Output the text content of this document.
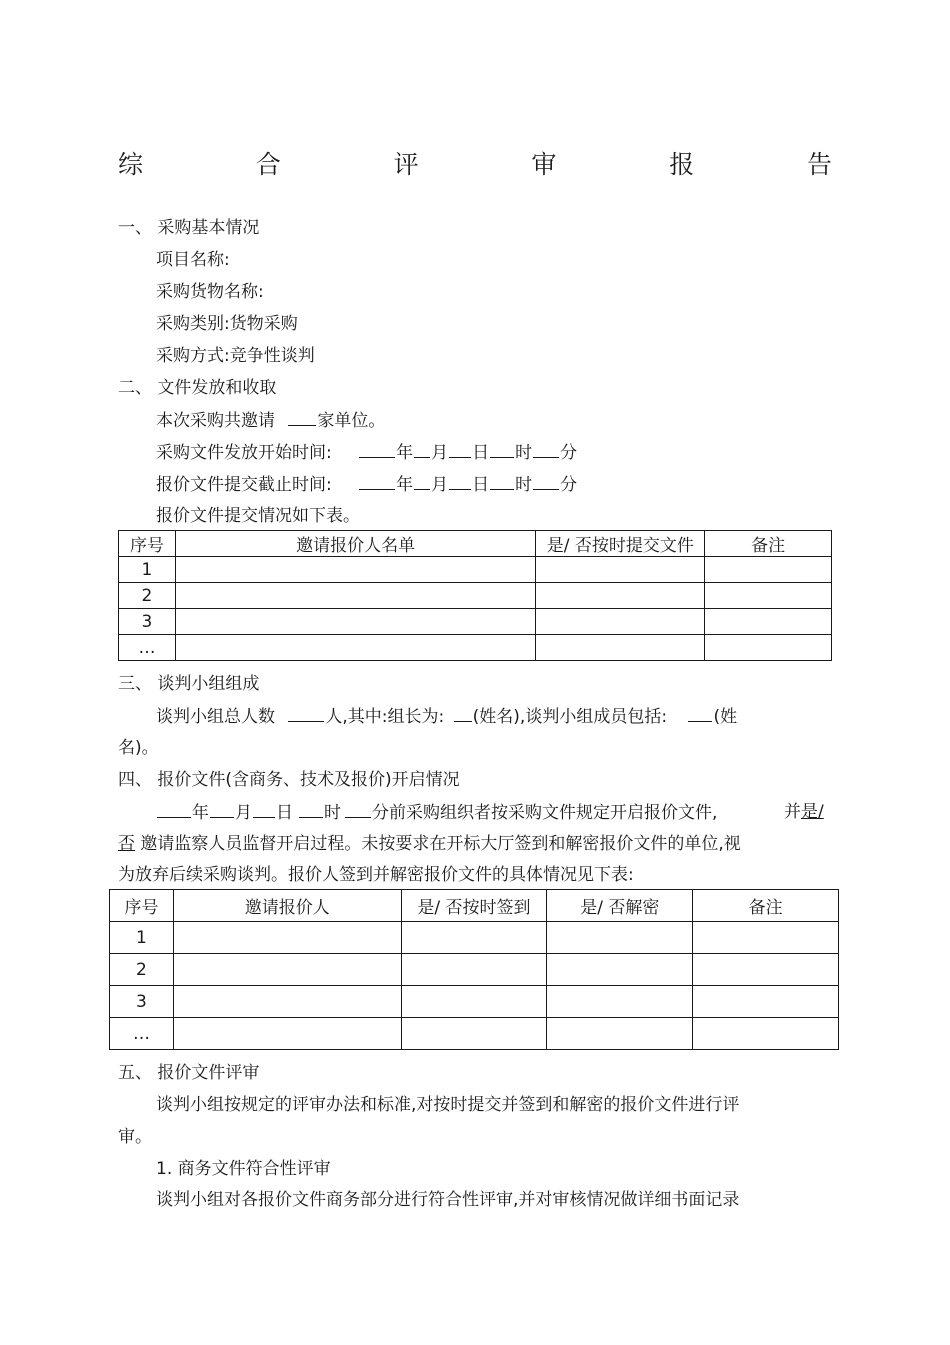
综	合	评	审	报	告
一、 采购基本情况
项目名称:
采购货物名称:
采购类别:货物采购
采购方式:竞争性谈判
二、 文件发放和收取
本次采购共邀请 家单位。
采购文件发放开始时间:	年 月 日 时 分
报价文件提交截止时间:	年 月 日 时 分
报价文件提交情况如下表。
序号	邀请报价人名单	是/ 否按时提交文件	备注
1			
2			
3			
…			
三、 谈判小组组成
谈判小组总人数	人,其中:组长为: (姓名),谈判小组成员包括:	(姓
名)。
四、 报价文件(含商务、技术及报价)开启情况
年 月 日 时 分前采购组织者按采购文件规定开启报价文件,	并是/
否 邀请监察人员监督开启过程。未按要求在开标大厅签到和解密报价文件的单位,视
为放弃后续采购谈判。报价人签到并解密报价文件的具体情况见下表:
序号	邀请报价人	是/ 否按时签到	是/ 否解密	备注
1				
2				
3				
…				
五、 报价文件评审
谈判小组按规定的评审办法和标准,对按时提交并签到和解密的报价文件进行评
审。
1. 商务文件符合性评审
谈判小组对各报价文件商务部分进行符合性评审,并对审核情况做详细书面记录
